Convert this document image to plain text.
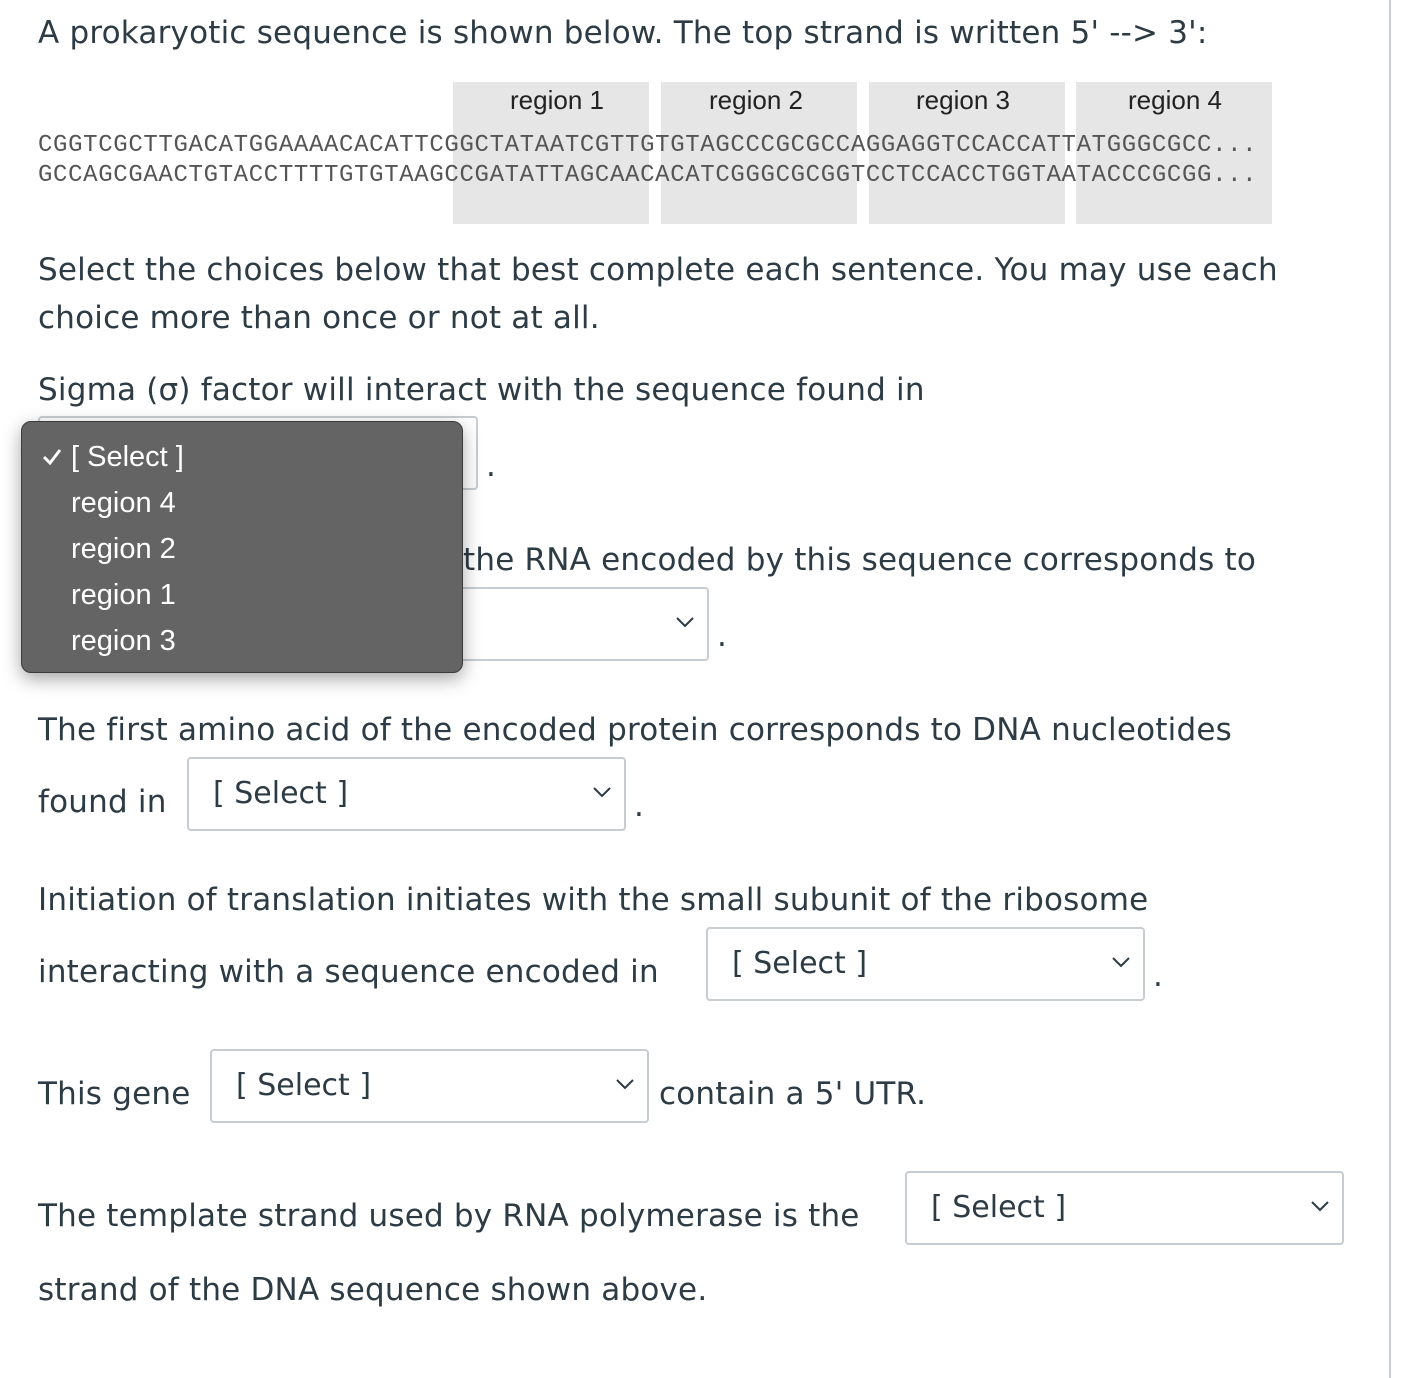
A prokaryotic sequence is shown below. The top strand is written 5' --> 3':
region 1	region 2	region 3	region 4
CGGTCGCTTGACATGGAAAACACATTCGGCTATAATCGTTGTGTAGCCCGCGCCAGGAGGTCCACCATTATGGGCGCC...
GCCAGCGAACTGTACCTTTTGTGTAAGCCGATATTAGCAACACATCGGGCGCGGTCCTCCACCTGGTAATACCCGCGG...
Select the choices below that best complete each sentence. You may use each
choice more than once or not at all.
Sigma (σ) factor will interact with the sequence found in
.
the RNA encoded by this sequence corresponds to
.
The first amino acid of the encoded protein corresponds to DNA nucleotides
found in [ Select ]	.
Initiation of translation initiates with the small subunit of the ribosome
interacting with a sequence encoded in [ Select ]	.
This gene [ Select ]	contain a 5' UTR.
The template strand used by RNA polymerase is the [ Select ]
strand of the DNA sequence shown above.
[ Select ]
region 4
region 2
region 1
region 3
